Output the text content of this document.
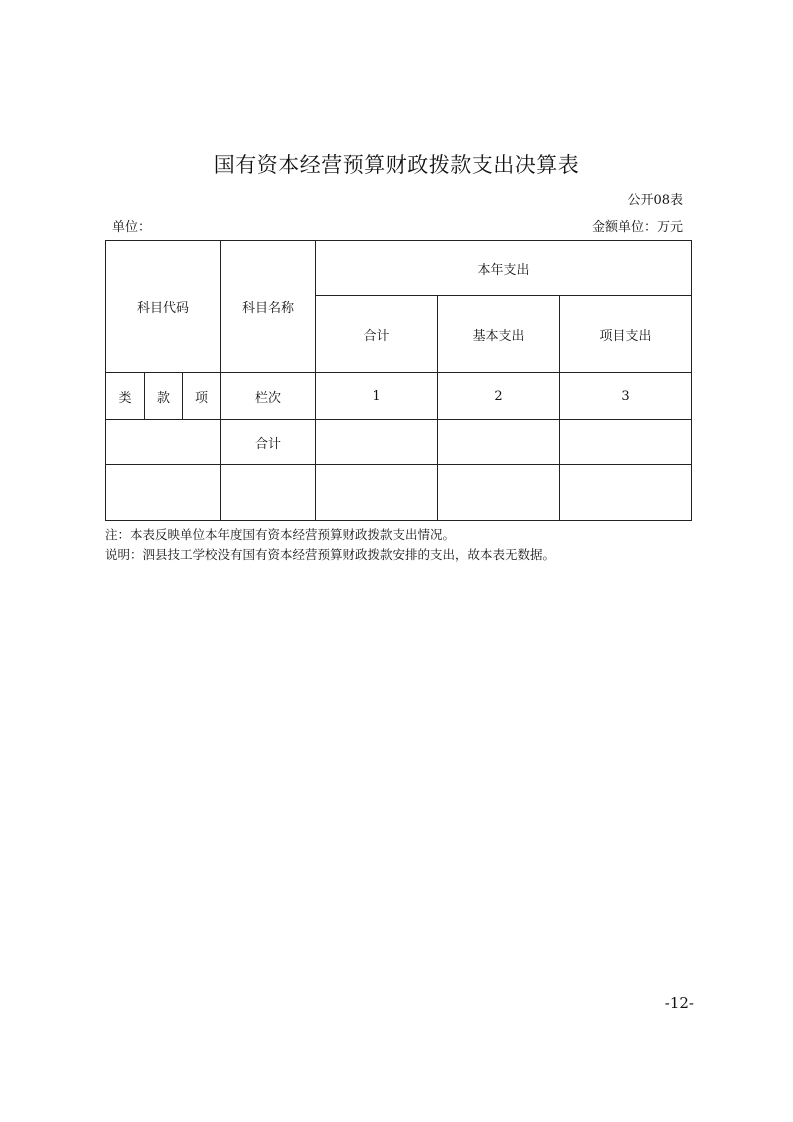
国有资本经营预算财政拨款支出决算表
公开08表
单位：	金额单位：万元
科目代码			科目名称	本年支出		
				合计	基本支出	项目支出
类	款	项	栏次	1	2	3
			合计			

注：本表反映单位本年度国有资本经营预算财政拨款支出情况。
说明：泗县技工学校没有国有资本经营预算财政拨款安排的支出，故本表无数据。
-12-
